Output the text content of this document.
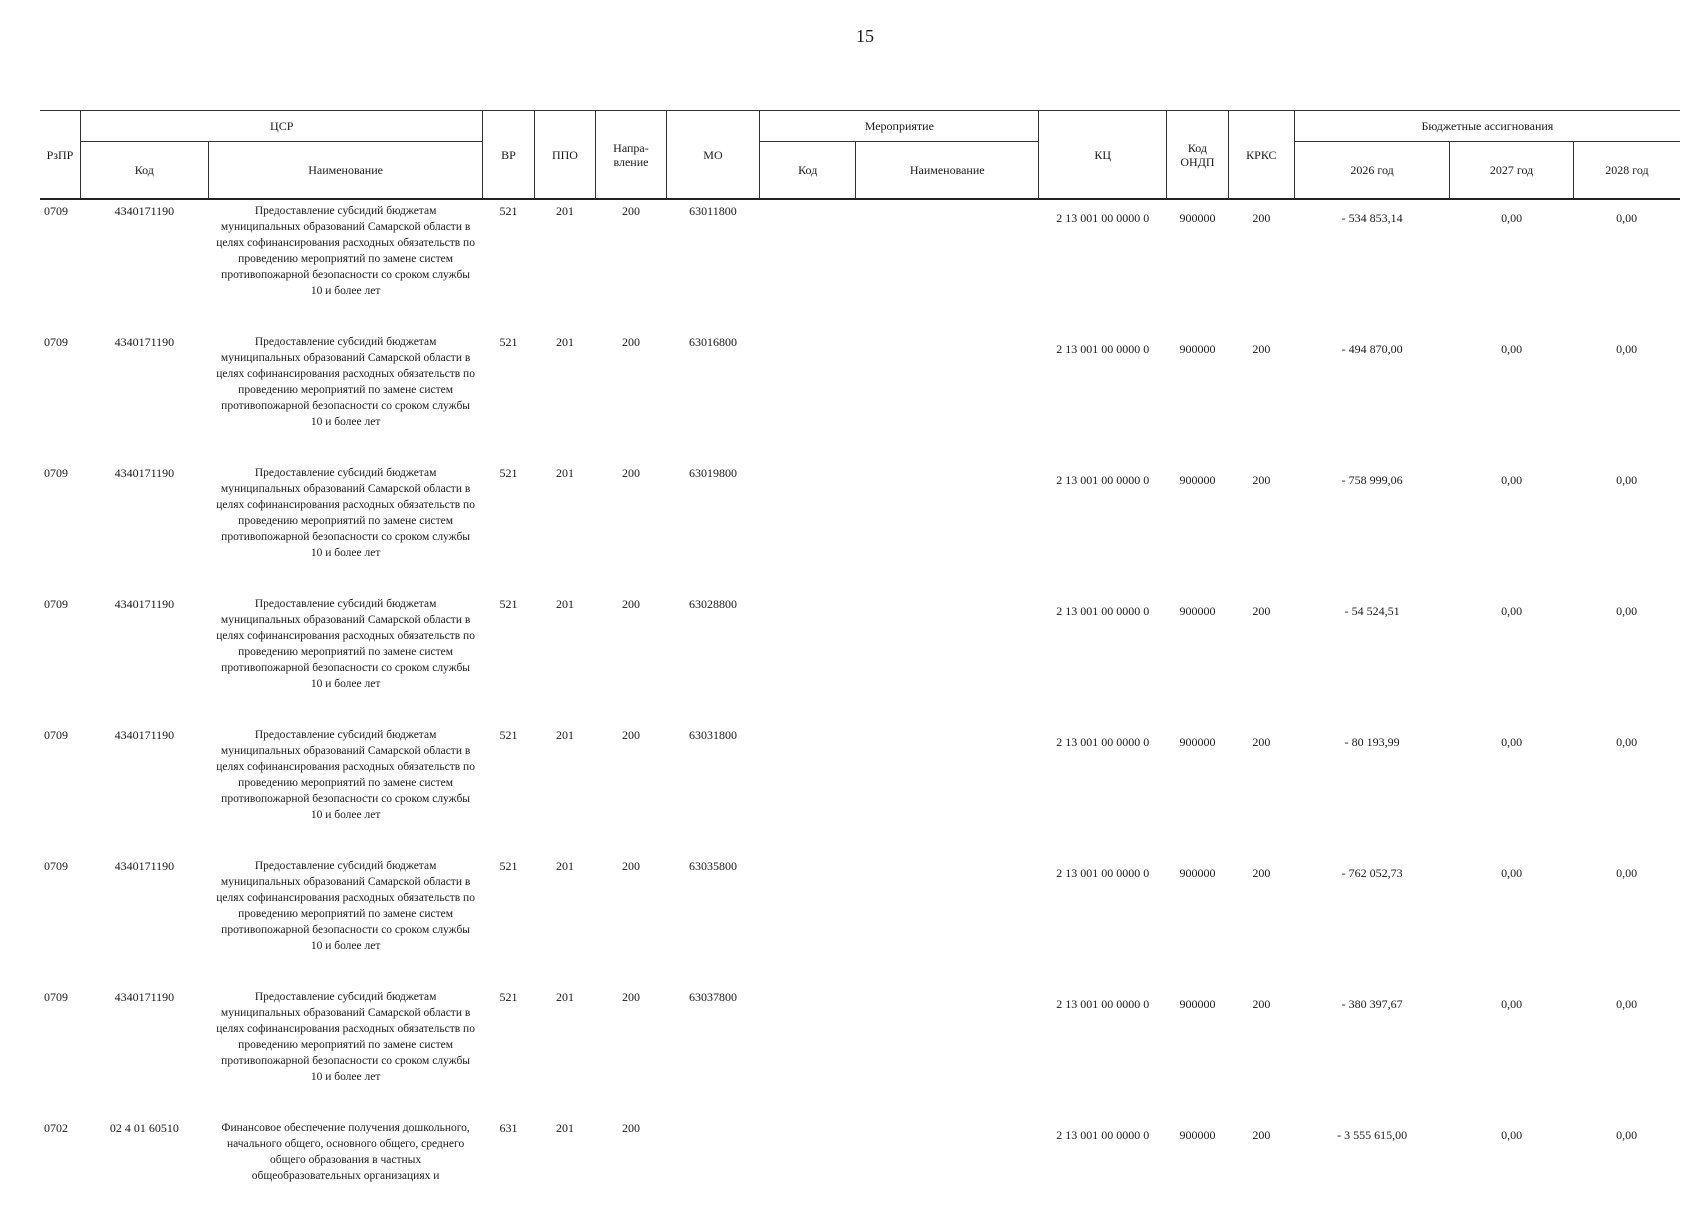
15
РзПР	ЦСР		ВР	ППО	Напра-вление	МО	Мероприятие		КЦ	Код ОНДП	КРКС	Бюджетные ассигнования		
	Код	Наименование					Код	Наименование				2026 год	2027 год	2028 год
0709	4340171190	Предоставление субсидий бюджетам муниципальных образований Самарской области в целях софинансирования расходных обязательств по проведению мероприятий по замене систем противопожарной безопасности со сроком службы 10 и более лет	521	201	200	63011800			2 13 001 00 0000 0	900000	200	- 534 853,14	0,00	0,00
0709	4340171190	Предоставление субсидий бюджетам муниципальных образований Самарской области в целях софинансирования расходных обязательств по проведению мероприятий по замене систем противопожарной безопасности со сроком службы 10 и более лет	521	201	200	63016800			2 13 001 00 0000 0	900000	200	- 494 870,00	0,00	0,00
0709	4340171190	Предоставление субсидий бюджетам муниципальных образований Самарской области в целях софинансирования расходных обязательств по проведению мероприятий по замене систем противопожарной безопасности со сроком службы 10 и более лет	521	201	200	63019800			2 13 001 00 0000 0	900000	200	- 758 999,06	0,00	0,00
0709	4340171190	Предоставление субсидий бюджетам муниципальных образований Самарской области в целях софинансирования расходных обязательств по проведению мероприятий по замене систем противопожарной безопасности со сроком службы 10 и более лет	521	201	200	63028800			2 13 001 00 0000 0	900000	200	- 54 524,51	0,00	0,00
0709	4340171190	Предоставление субсидий бюджетам муниципальных образований Самарской области в целях софинансирования расходных обязательств по проведению мероприятий по замене систем противопожарной безопасности со сроком службы 10 и более лет	521	201	200	63031800			2 13 001 00 0000 0	900000	200	- 80 193,99	0,00	0,00
0709	4340171190	Предоставление субсидий бюджетам муниципальных образований Самарской области в целях софинансирования расходных обязательств по проведению мероприятий по замене систем противопожарной безопасности со сроком службы 10 и более лет	521	201	200	63035800			2 13 001 00 0000 0	900000	200	- 762 052,73	0,00	0,00
0709	4340171190	Предоставление субсидий бюджетам муниципальных образований Самарской области в целях софинансирования расходных обязательств по проведению мероприятий по замене систем противопожарной безопасности со сроком службы 10 и более лет	521	201	200	63037800			2 13 001 00 0000 0	900000	200	- 380 397,67	0,00	0,00
0702	02 4 01 60510	Финансовое обеспечение получения дошкольного, начального общего, основного общего, среднего общего образования в частных общеобразовательных организациях и	631	201	200				2 13 001 00 0000 0	900000	200	- 3 555 615,00	0,00	0,00
